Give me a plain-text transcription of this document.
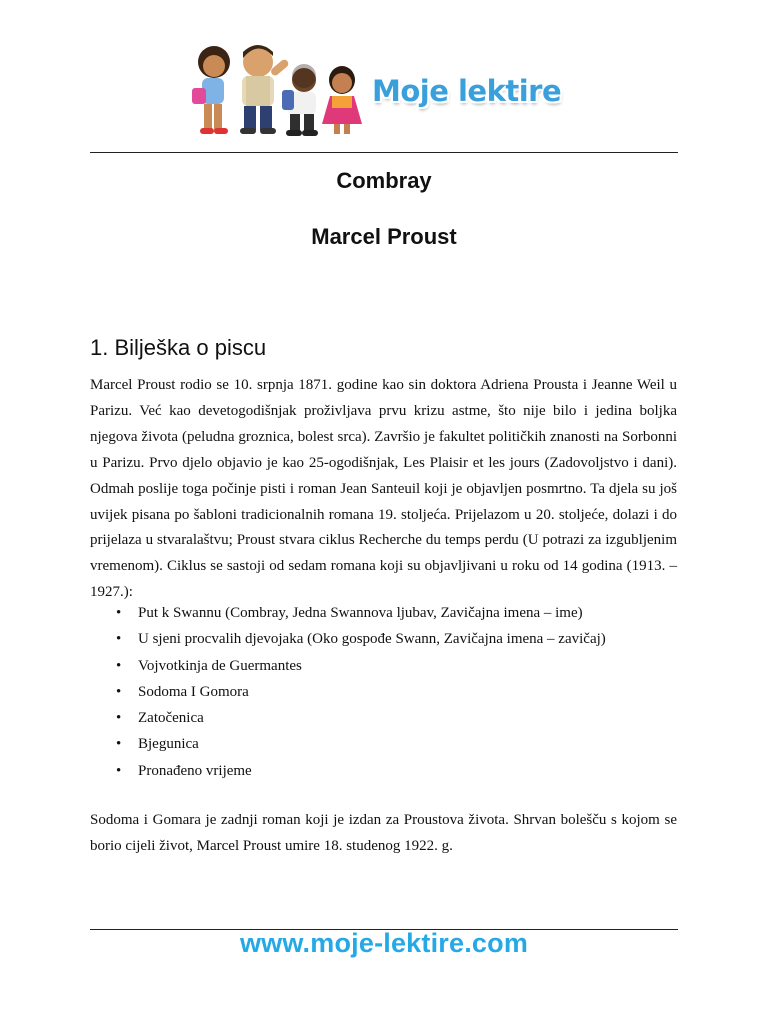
Moje lektire
Combray
Marcel Proust
1. Bilješka o piscu

Marcel Proust rodio se 10. srpnja 1871. godine kao sin doktora Adriena Prousta i Jeanne Weil u Parizu. Već kao devetogodišnjak proživljava prvu krizu astme, što nije bilo i jedina boljka njegova života (peludna groznica, bolest srca). Završio je fakultet političkih znanosti na Sorbonni u Parizu. Prvo djelo objavio je kao 25-ogodišnjak, Les Plaisir et les jours (Zadovoljstvo i dani). Odmah poslije toga počinje pisti i roman Jean Santeuil koji je objavljen posmrtno. Ta djela su još uvijek pisana po šabloni tradicionalnih romana 19. stoljeća. Prijelazom u 20. stoljeće, dolazi i do prijelaza u stvaralaštvu; Proust stvara ciklus Recherche du temps perdu (U potrazi za izgubljenim vremenom). Ciklus se sastoji od sedam romana koji su objavljivani u roku od 14 godina (1913. – 1927.):

• Put k Swannu (Combray, Jedna Swannova ljubav, Zavičajna imena – ime)
• U sjeni procvalih djevojaka (Oko gospođe Swann, Zavičajna imena – zavičaj)
• Vojvotkinja de Guermantes
• Sodoma I Gomora
• Zatočenica
• Bjegunica
• Pronađeno vrijeme

Sodoma i Gomara je zadnji roman koji je izdan za Proustova života. Shrvan bolešču s kojom se borio cijeli život, Marcel Proust umire 18. studenog 1922. g.

www.moje-lektire.com
